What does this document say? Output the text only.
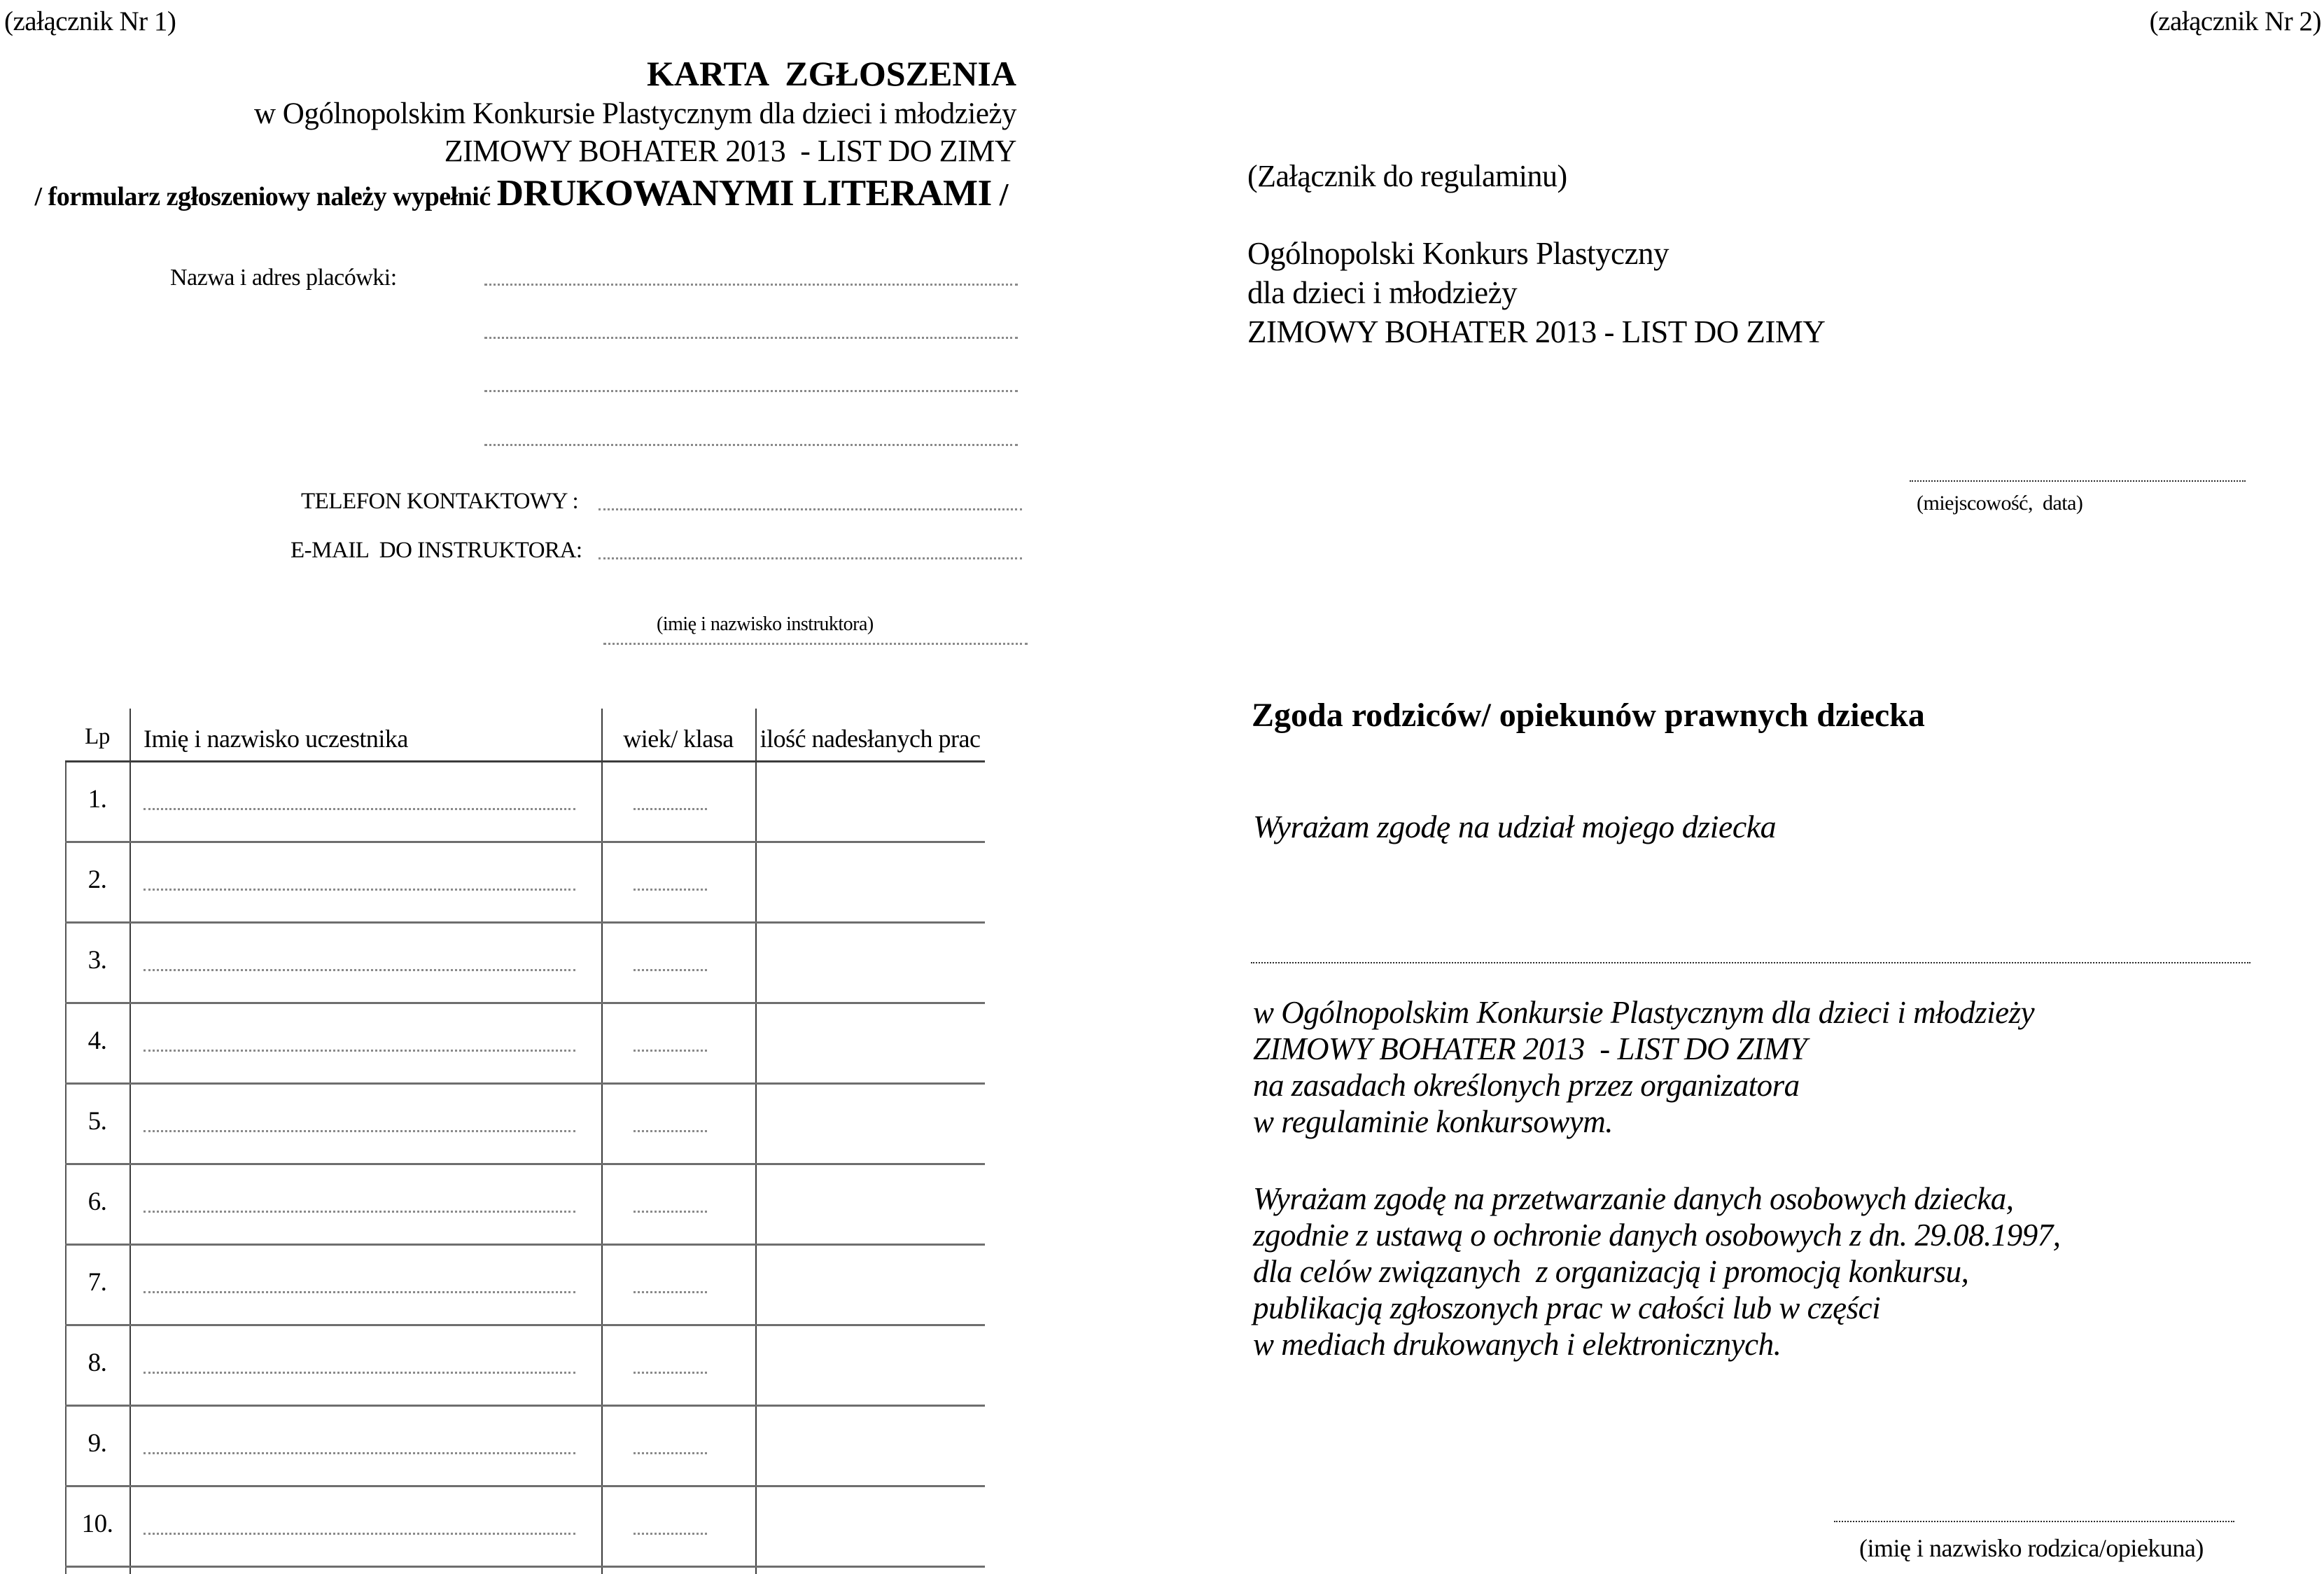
(załącznik Nr 1)
KARTA  ZGŁOSZENIA
w Ogólnopolskim Konkursie Plastycznym dla dzieci i młodzieży
ZIMOWY BOHATER 2013  - LIST DO ZIMY
/ formularz zgłoszeniowy należy wypełnić DRUKOWANYMI LITERAMI /
Nazwa i adres placówki:
TELEFON KONTAKTOWY :
E-MAIL  DO INSTRUKTORA:
(imię i nazwisko instruktora)
Lp	Imię i nazwisko uczestnika	wiek/ klasa	ilość nadesłanych prac
1.
2.
3.
4.
5.
6.
7.
8.
9.
10.
(załącznik Nr 2)
(Załącznik do regulaminu)
Ogólnopolski Konkurs Plastyczny
dla dzieci i młodzieży
ZIMOWY BOHATER 2013 - LIST DO ZIMY
(miejscowość,  data)
Zgoda rodziców/ opiekunów prawnych dziecka
Wyrażam zgodę na udział mojego dziecka
w Ogólnopolskim Konkursie Plastycznym dla dzieci i młodzieży
ZIMOWY BOHATER 2013  - LIST DO ZIMY
na zasadach określonych przez organizatora
w regulaminie konkursowym.
Wyrażam zgodę na przetwarzanie danych osobowych dziecka,
zgodnie z ustawą o ochronie danych osobowych z dn. 29.08.1997,
dla celów związanych  z organizacją i promocją konkursu,
publikacją zgłoszonych prac w całości lub w części
w mediach drukowanych i elektronicznych.
(imię i nazwisko rodzica/opiekuna)
